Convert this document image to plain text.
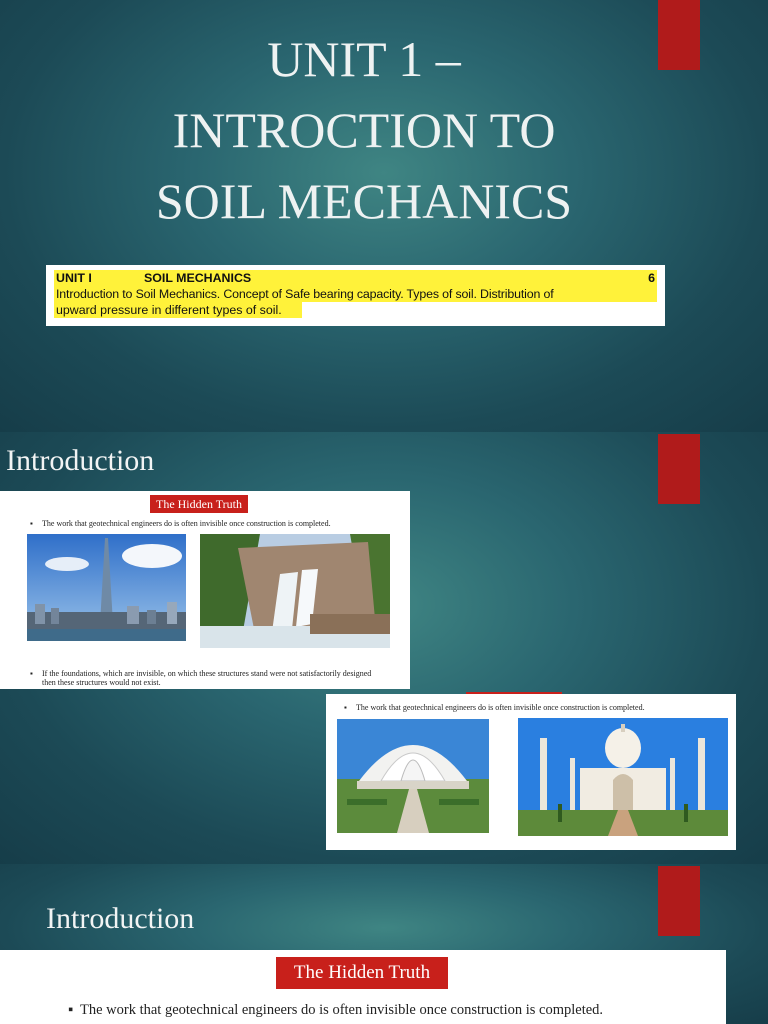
UNIT 1 –
INTROCTION TO
SOIL MECHANICS
UNIT I	SOIL MECHANICS	6
Introduction to Soil Mechanics. Concept of Safe bearing capacity. Types of soil. Distribution of
upward pressure in different types of soil.
Introduction
The Hidden Truth
▪ The work that geotechnical engineers do is often invisible once construction is completed.
▪ If the foundations, which are invisible, on which these structures stand were not satisfactorily designed
then these structures would not exist.
▪ The work that geotechnical engineers do is often invisible once construction is completed.
Introduction
The Hidden Truth
▪ The work that geotechnical engineers do is often invisible once construction is completed.
